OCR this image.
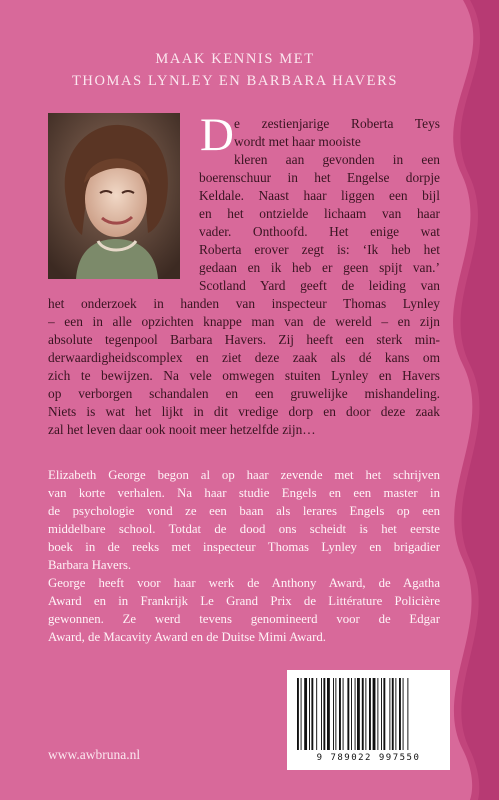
MAAK KENNIS MET
THOMAS LYNLEY EN BARBARA HAVERS
D e zestienjarige Roberta Teys
wordt met haar mooiste
kleren aan gevonden in een
boerenschuur in het Engelse dorpje
Keldale. Naast haar liggen een bijl
en het ontzielde lichaam van haar
vader. Onthoofd. Het enige wat
Roberta erover zegt is: ‘Ik heb het
gedaan en ik heb er geen spijt van.’
Scotland Yard geeft de leiding van
het onderzoek in handen van inspecteur Thomas Lynley
– een in alle opzichten knappe man van de wereld – en zijn
absolute tegenpool Barbara Havers. Zij heeft een sterk min-
derwaardigheidscomplex en ziet deze zaak als dé kans om
zich te bewijzen. Na vele omwegen stuiten Lynley en Havers
op verborgen schandalen en een gruwelijke mishandeling.
Niets is wat het lijkt in dit vredige dorp en door deze zaak
zal het leven daar ook nooit meer hetzelfde zijn…
Elizabeth George begon al op haar zevende met het schrijven
van korte verhalen. Na haar studie Engels en een master in
de psychologie vond ze een baan als lerares Engels op een
middelbare school. Totdat de dood ons scheidt is het eerste
boek in de reeks met inspecteur Thomas Lynley en brigadier
Barbara Havers.
George heeft voor haar werk de Anthony Award, de Agatha
Award en in Frankrijk Le Grand Prix de Littérature Policière
gewonnen. Ze werd tevens genomineerd voor de Edgar
Award, de Macavity Award en de Duitse Mimi Award.
9 789022 997550
www.awbruna.nl
